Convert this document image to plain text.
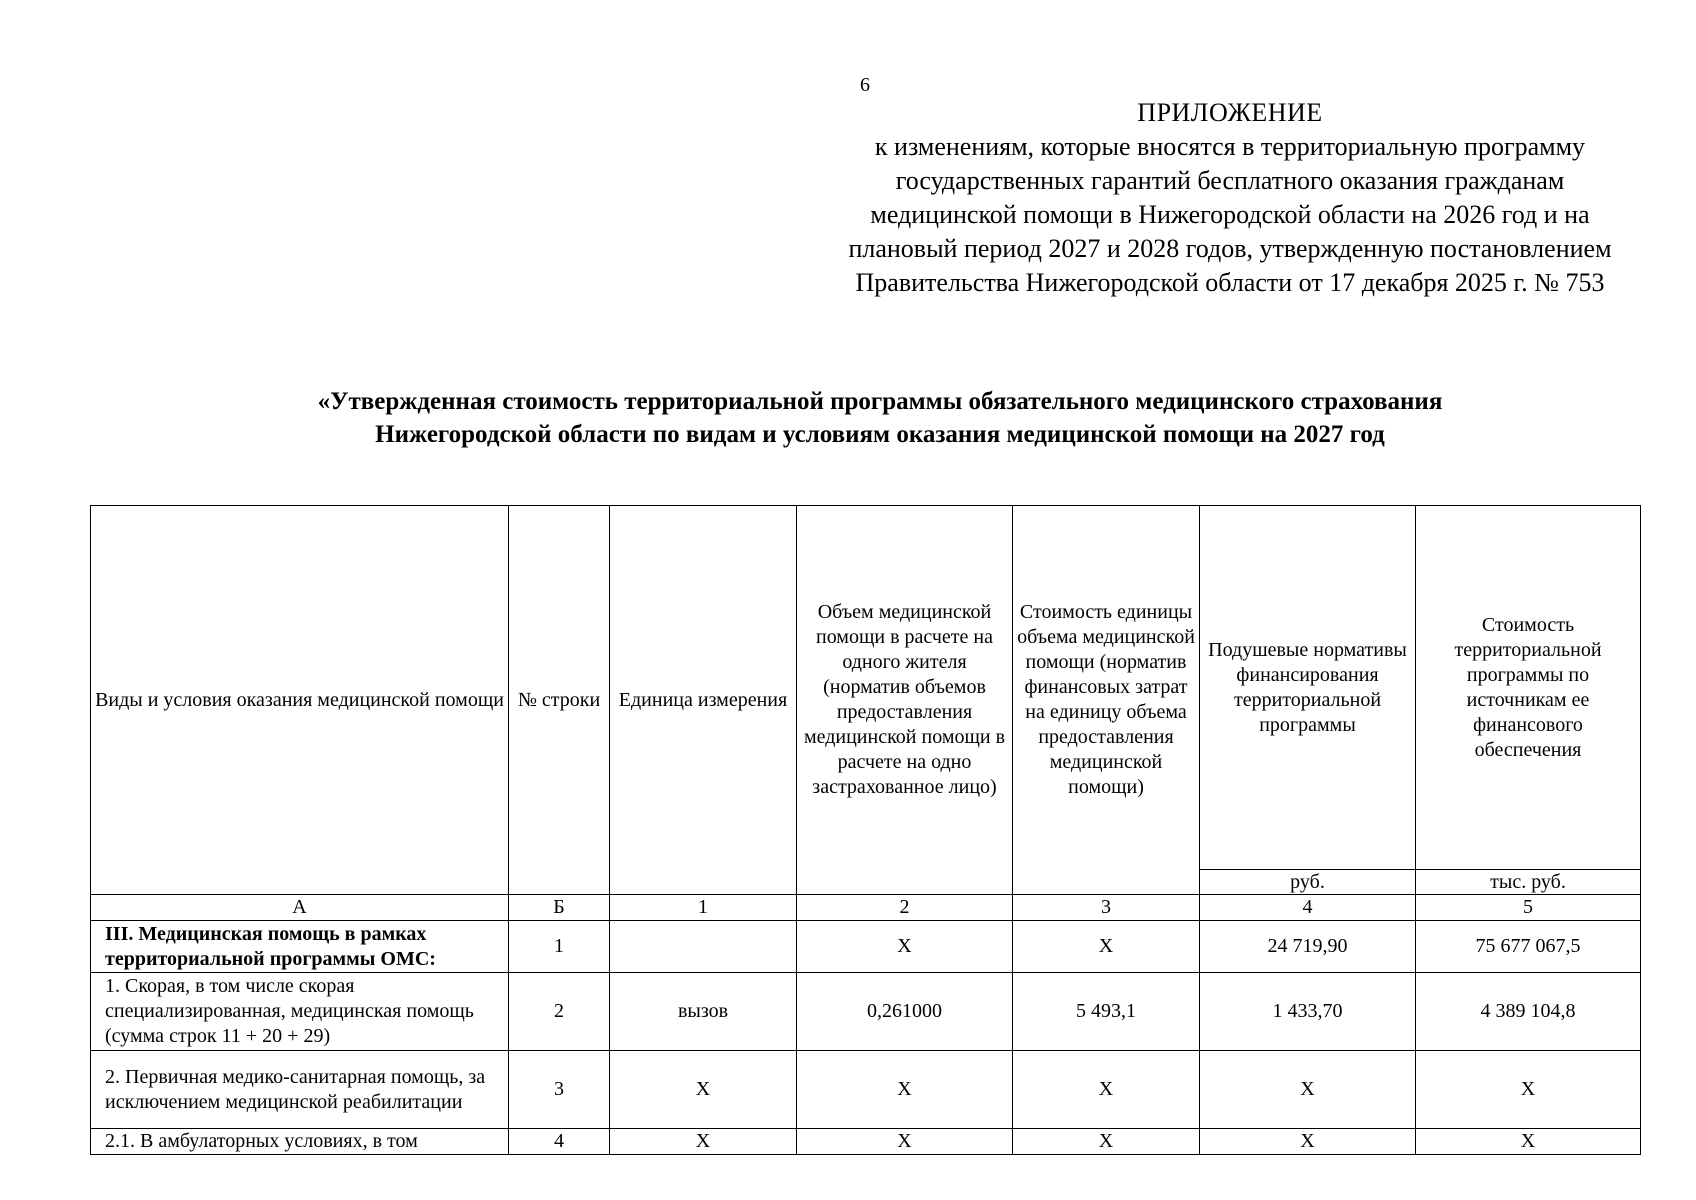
6
ПРИЛОЖЕНИЕ
к изменениям, которые вносятся в территориальную программу
государственных гарантий бесплатного оказания гражданам
медицинской помощи в Нижегородской области на 2026 год и на
плановый период 2027 и 2028 годов, утвержденную постановлением
Правительства Нижегородской области от 17 декабря 2025 г. № 753
«Утвержденная стоимость территориальной программы обязательного медицинского страхования
Нижегородской области по видам и условиям оказания медицинской помощи на 2027 год
Виды и условия оказания медицинской помощи	№ строки	Единица измерения	Объем медицинской помощи в расчете на одного жителя (норматив объемов предоставления медицинской помощи в расчете на одно застрахованное лицо)	Стоимость единицы объема медицинской помощи (норматив финансовых затрат на единицу объема предоставления медицинской помощи)	Подушевые нормативы финансирования территориальной программы	Стоимость территориальной программы по источникам ее финансового обеспечения
					руб.	тыс. руб.
А	Б	1	2	3	4	5
III. Медицинская помощь в рамках территориальной программы ОМС:	1		Х	Х	24 719,90	75 677 067,5
1. Скорая, в том числе скорая специализированная, медицинская помощь (сумма строк 11 + 20 + 29)	2	вызов	0,261000	5 493,1	1 433,70	4 389 104,8
2. Первичная медико-санитарная помощь, за исключением медицинской реабилитации	3	Х	Х	Х	Х	Х
2.1. В амбулаторных условиях, в том	4	Х	Х	Х	Х	Х
